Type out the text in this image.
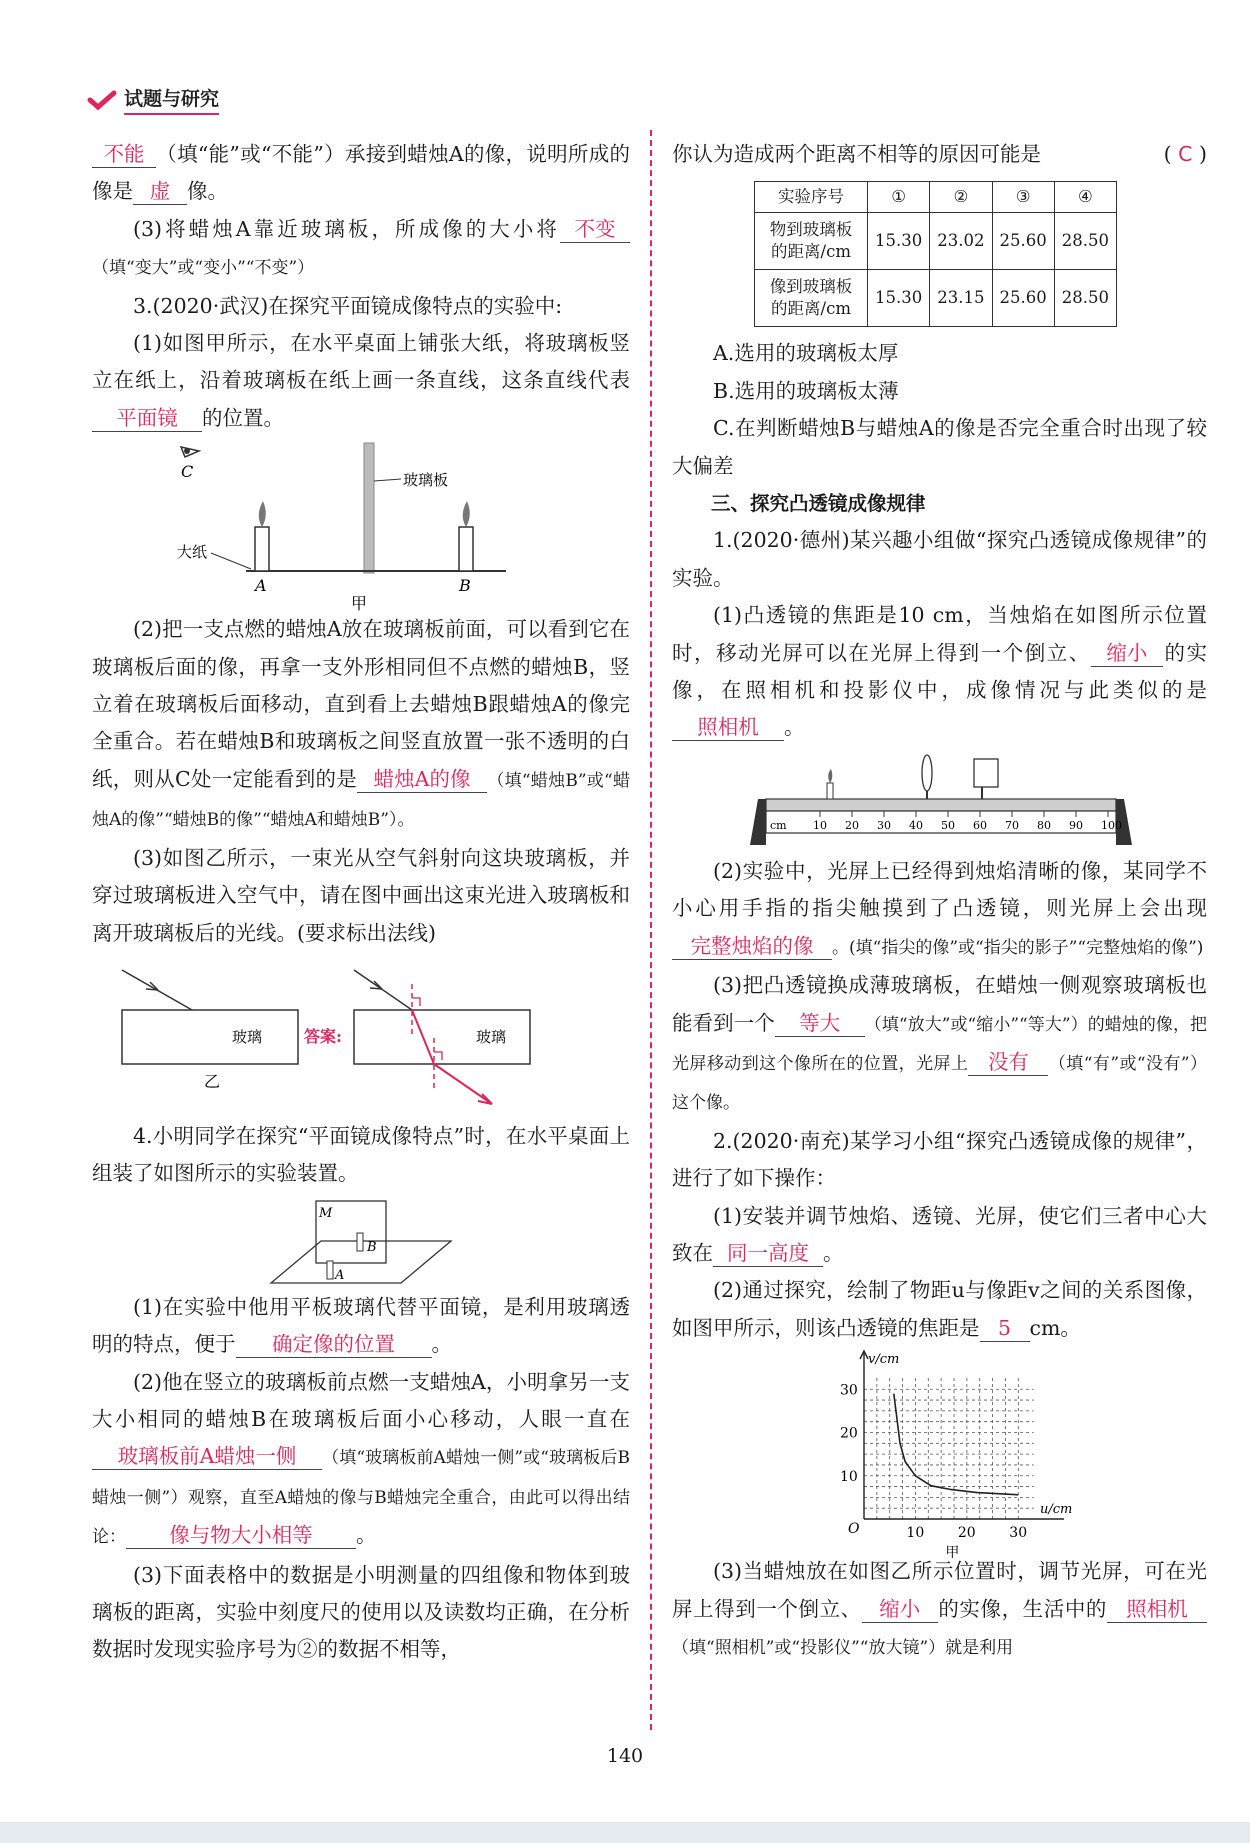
试题与研究

不能 （填“能”或“不能”）承接到蜡烛A的像，说明所成的像是 虚 像。

(3)将蜡烛A靠近玻璃板，所成像的大小将 不变（填“变大”或“变小”“不变”）

3.(2020·武汉)在探究平面镜成像特点的实验中:

(1)如图甲所示，在水平桌面上铺张大纸，将玻璃板竖立在纸上，沿着玻璃板在纸上画一条直线，这条直线代表平面镜 的位置。

C	玻璃板
大纸
A	B
甲

(2)把一支点燃的蜡烛A放在玻璃板前面，可以看到它在玻璃板后面的像，再拿一支外形相同但不点燃的蜡烛B，竖立着在玻璃板后面移动，直到看上去蜡烛B跟蜡烛A的像完全重合。若在蜡烛B和玻璃板之间竖直放置一张不透明的白纸，则从C处一定能看到的是 蜡烛A的像 （填“蜡烛B”或“蜡烛A的像”“蜡烛B的像”“蜡烛A和蜡烛B”）。

(3)如图乙所示，一束光从空气斜射向这块玻璃板，并穿过玻璃板进入空气中，请在图中画出这束光进入玻璃板和离开玻璃板后的光线。(要求标出法线)

玻璃
乙
答案:	玻璃

4.小明同学在探究“平面镜成像特点”时，在水平桌面上组装了如图所示的实验装置。

M
B
A

(1)在实验中他用平板玻璃代替平面镜，是利用玻璃透明的特点，便于 确定像的位置 。

(2)他在竖立的玻璃板前点燃一支蜡烛A，小明拿另一支大小相同的蜡烛B在玻璃板后面小心移动，人眼一直在玻璃板前A蜡烛一侧 （填“玻璃板前A蜡烛一侧”或“玻璃板后B蜡烛一侧”）观察，直至A蜡烛的像与B蜡烛完全重合，由此可以得出结论： 像与物大小相等 。

(3)下面表格中的数据是小明测量的四组像和物体到玻璃板的距离，实验中刻度尺的使用以及读数均正确，在分析数据时发现实验序号为②的数据不相等，

你认为造成两个距离不相等的原因可能是	( C )

实验序号	①	②	③	④
物到玻璃板的距离/cm	15.30	23.02	25.60	28.50
像到玻璃板的距离/cm	15.30	23.15	25.60	28.50

A.选用的玻璃板太厚

B.选用的玻璃板太薄

C.在判断蜡烛B与蜡烛A的像是否完全重合时出现了较大偏差

三、探究凸透镜成像规律

1.(2020·德州)某兴趣小组做“探究凸透镜成像规律”的实验。

(1)凸透镜的焦距是10 cm，当烛焰在如图所示位置时，移动光屏可以在光屏上得到一个倒立、 缩小 的实像，在照相机和投影仪中，成像情况与此类似的是照相机 。

10 20 30 40 50 60 70 80 90 100
cm

(2)实验中，光屏上已经得到烛焰清晰的像，某同学不小心用手指的指尖触摸到了凸透镜，则光屏上会出现完整烛焰的像 。(填“指尖的像”或“指尖的影子”“完整烛焰的像”)

(3)把凸透镜换成薄玻璃板，在蜡烛一侧观察玻璃板也能看到一个 等大 （填“放大”或“缩小”“等大”）的蜡烛的像，把光屏移动到这个像所在的位置，光屏上 没有 （填“有”或“没有”）这个像。

2.(2020·南充)某学习小组“探究凸透镜成像的规律”，进行了如下操作：

(1)安装并调节烛焰、透镜、光屏，使它们三者中心大致在 同一高度 。

(2)通过探究，绘制了物距u与像距v之间的关系图像，如图甲所示，则该凸透镜的焦距是 5 cm。

v/cm
u/cm
O	10 20 30
10
20
30
甲

(3)当蜡烛放在如图乙所示位置时，调节光屏，可在光屏上得到一个倒立、 缩小 的实像，生活中的 照相机（填“照相机”或“投影仪”“放大镜”）就是利用

140
